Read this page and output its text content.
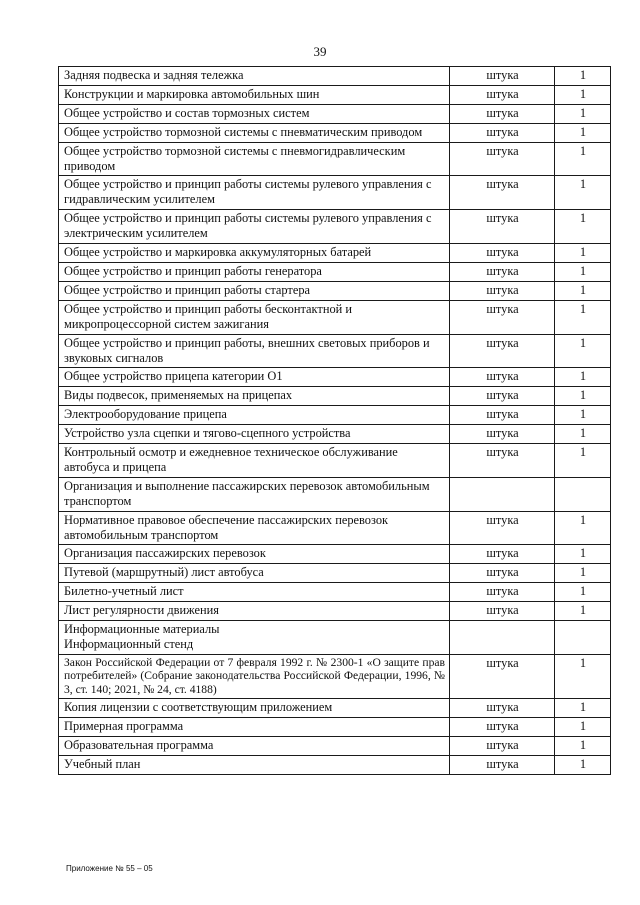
39
Задняя подвеска и задняя тележка	штука	1
Конструкции и маркировка автомобильных шин	штука	1
Общее устройство и состав тормозных систем	штука	1
Общее устройство тормозной системы с пневматическим приводом	штука	1
Общее устройство тормозной системы с пневмогидравлическим приводом	штука	1
Общее устройство и принцип работы системы рулевого управления с гидравлическим усилителем	штука	1
Общее устройство и принцип работы системы рулевого управления с электрическим усилителем	штука	1
Общее устройство и маркировка аккумуляторных батарей	штука	1
Общее устройство и принцип работы генератора	штука	1
Общее устройство и принцип работы стартера	штука	1
Общее устройство и принцип работы бесконтактной и микропроцессорной систем зажигания	штука	1
Общее устройство и принцип работы, внешних световых приборов и звуковых сигналов	штука	1
Общее устройство прицепа категории O1	штука	1
Виды подвесок, применяемых на прицепах	штука	1
Электрооборудование прицепа	штука	1
Устройство узла сцепки и тягово-сцепного устройства	штука	1
Контрольный осмотр и ежедневное техническое обслуживание автобуса и прицепа	штука	1
Организация и выполнение пассажирских перевозок автомобильным транспортом		
Нормативное правовое обеспечение пассажирских перевозок автомобильным транспортом	штука	1
Организация пассажирских перевозок	штука	1
Путевой (маршрутный) лист автобуса	штука	1
Билетно-учетный лист	штука	1
Лист регулярности движения	штука	1

Информационные материалы
Информационный стенд		

Закон Российской Федерации от 7 февраля 1992 г. № 2300-1 «О защите прав потребителей» (Собрание законодательства Российской Федерации, 1996, № 3, ст. 140; 2021, № 24, ст. 4188)	штука	1
Копия лицензии с соответствующим приложением	штука	1
Примерная программа	штука	1
Образовательная программа	штука	1
Учебный план	штука	1
Приложение № 55 – 05
